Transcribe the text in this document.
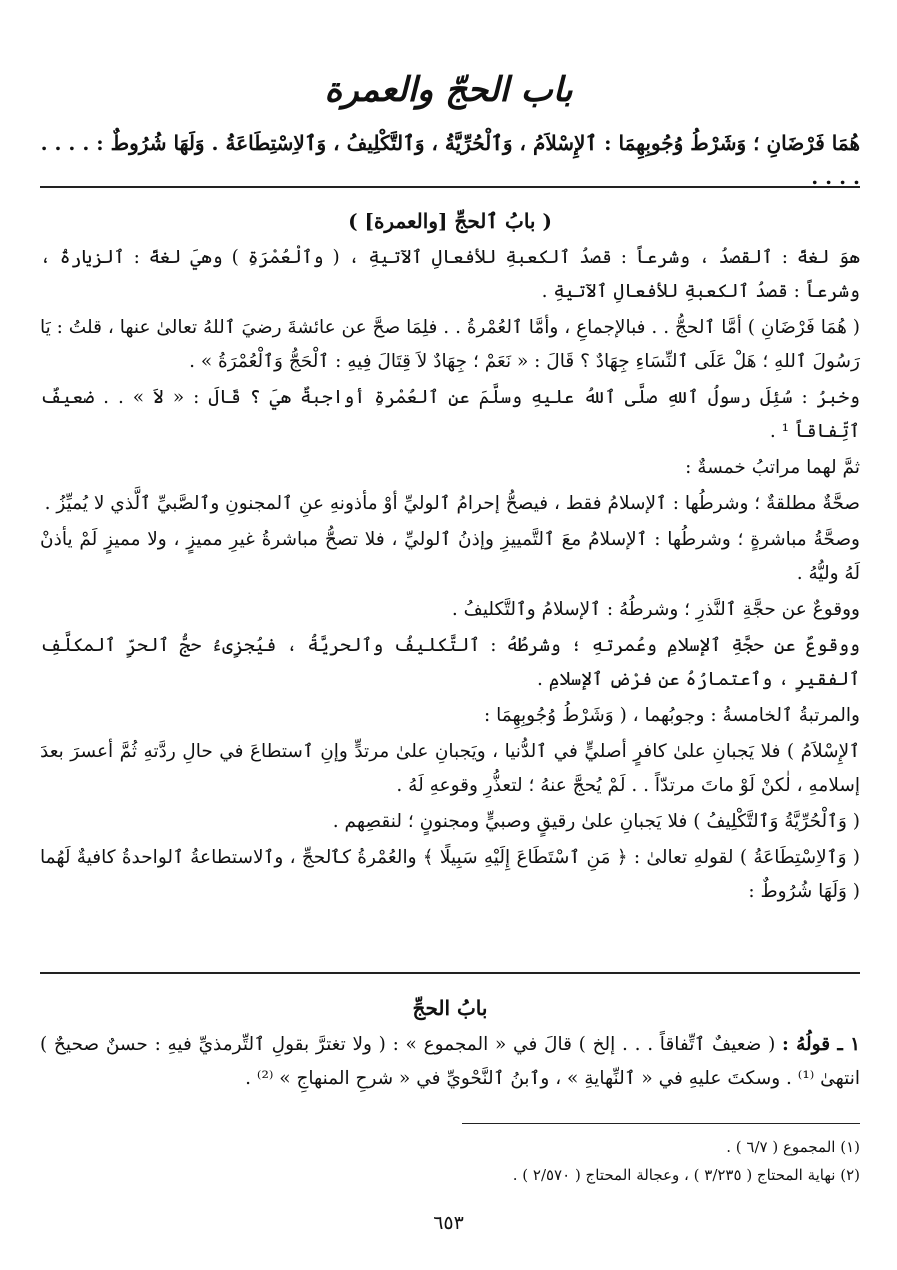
باب الحجّ والعمرة
هُمَا فَرْضَانِ ؛ وَشَرْطُ وُجُوبِهِمَا : ٱلإِسْلاَمُ ، وَٱلْحُرِّيَّةُ ، وَٱلتَّكْلِيفُ ، وَٱلاِسْتِطَاعَةُ . وَلَهَا شُرُوطٌ : . . . . . . . .
( بابُ ٱلحجِّ [والعمرة] )

هوَ لغةً : ٱلقصدُ ، وشرعاً : قصدُ ٱلكعبةِ للأفعالِ ٱلآتيةِ ، ( وٱلْعُمْرَةِ ) وهيَ لغةً : ٱلزيارةُ ، وشرعاً : قصدُ ٱلكعبةِ للأفعالِ ٱلآتيةِ .

( هُمَا فَرْضَانِ ) أمَّا ٱلحجُّ . . فبالإجماعِ ، وأمَّا ٱلعُمْرةُ . . فلِمَا صحَّ عن عائشةَ رضيَ ٱللهُ تعالىٰ عنها ، قلتُ : يَا رَسُولَ ٱللهِ ؛ هَلْ عَلَى ٱلنِّسَاءِ جِهَادٌ ؟ قَالَ : « نَعَمْ ؛ جِهَادٌ لاَ قِتَالَ فِيهِ : ٱلْحَجُّ وَٱلْعُمْرَةُ » .

وخبرُ : سُئِلَ رسولُ ٱللهِ صلَّى ٱللهُ عليهِ وسلَّمَ عنِ ٱلعُمْرةِ أواجبةٌ هيَ ؟ قَالَ : « لاَ » . . ضعيفٌ ٱتِّفاقاً ¹ .

ثمَّ لهما مراتبُ خمسةٌ :

صحَّةٌ مطلقةٌ ؛ وشرطُها : ٱلإسلامُ فقط ، فيصحُّ إحرامُ ٱلوليِّ أوْ مأذونهِ عنِ ٱلمجنونِ وٱلصَّبيِّ ٱلَّذي لا يُميِّزُ .

وصحَّةُ مباشرةٍ ؛ وشرطُها : ٱلإسلامُ معَ ٱلتَّمييزِ وإذنُ ٱلوليِّ ، فلا تصحُّ مباشرةُ غيرِ مميزٍ ، ولا مميزٍ لَمْ يأذنْ لَهُ وليُّهُ .

ووقوعٌ عن حجَّةِ ٱلنَّذرِ ؛ وشرطُهُ : ٱلإسلامُ وٱلتَّكليفُ .

ووقوعٌ عن حجَّةِ ٱلإسلامِ وعُمرتهِ ؛ وشرطُهُ : ٱلتَّكليفُ وٱلحريَّةُ ، فيُجزِىءُ حجُّ ٱلحرِّ ٱلمكلَّفِ ٱلفقيرِ ، وٱعتمارُهُ عن فرْضِ ٱلإسلامِ .

والمرتبةُ ٱلخامسةُ : وجوبُهما ، ( وَشَرْطُ وُجُوبِهِمَا :

ٱلإِسْلاَمُ ) فلا يَجبانِ علىٰ كافرٍ أصليٍّ في ٱلدُّنيا ، ويَجبانِ علىٰ مرتدٍّ وإنِ ٱستطاعَ في حالِ ردَّتهِ ثُمَّ أعسرَ بعدَ إسلامهِ ، لٰكنْ لَوْ ماتَ مرتدّاً . . لَمْ يُحجَّ عنهُ ؛ لتعذُّرِ وقوعهِ لَهُ .

( وَٱلْحُرِّيَّةُ وَٱلتَّكْلِيفُ ) فلا يَجبانِ علىٰ رقيقٍ وصبيٍّ ومجنونٍ ؛ لنقصِهم .

( وَٱلاِسْتِطَاعَةُ ) لقولهِ تعالىٰ : ﴿ مَنِ ٱسْتَطَاعَ إِلَيْهِ سَبِيلًا ﴾ والعُمْرةُ كٱلحجِّ ، وٱلاستطاعةُ ٱلواحدةُ كافيةٌ لَهُما ( وَلَهَا شُرُوطٌ :

بابُ الحجِّ

١ ـ قولُهُ : ( ضعيفٌ ٱتِّفاقاً . . . إلخ ) قالَ في « المجموع » : ( ولا تغترَّ بقولِ ٱلتِّرمذيِّ فيهِ : حسنٌ صحيحٌ ) انتهىٰ ⁽¹⁾ . وسكتَ عليهِ في « ٱلنِّهايةِ » ، وٱبنُ ٱلنَّحْويِّ في « شرحِ المنهاجِ » ⁽²⁾ .

(١) المجموع ( ٦/٧ ) .
(٢) نهاية المحتاج ( ٣/٢٣٥ ) ، وعجالة المحتاج ( ٢/٥٧٠ ) .
٦٥٣
